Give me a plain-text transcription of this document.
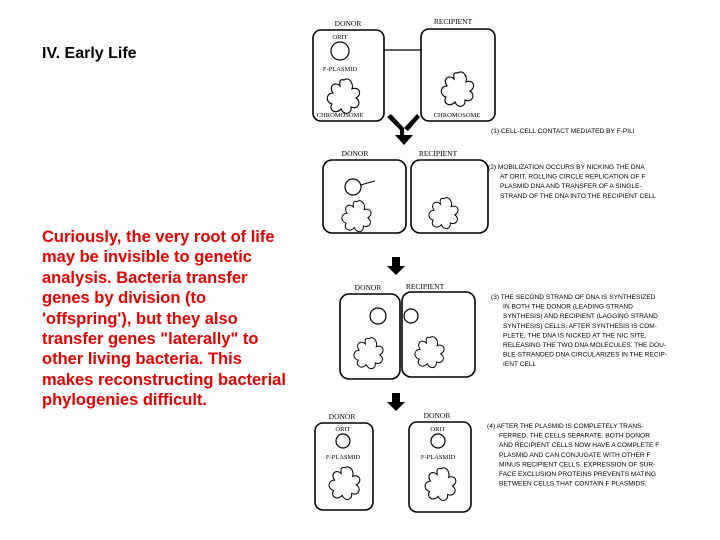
IV. Early Life
Curiously, the very root of life may be invisible to genetic analysis. Bacteria transfer genes by division (to 'offspring'), but they also transfer genes "laterally" to other living bacteria. This makes reconstructing bacterial phylogenies difficult.
DONOR	RECIPIENT
ORIT
F-PLASMID
CHROMOSOME	CHROMOSOME
DONOR	RECIPIENT
DONOR	RECIPIENT
DONOR	DONOR
ORIT
F-PLASMID
ORIT
F-PLASMID
(1) CELL-CELL CONTACT MEDIATED BY F-PILI
(2) MOBILIZATION OCCURS BY NICKING THE DNA
AT ORIT, ROLLING CIRCLE REPLICATION OF F
PLASMID DNA AND TRANSFER OF A SINGLE-
STRAND OF THE DNA INTO THE RECIPIENT CELL
(3) THE SECOND STRAND OF DNA IS SYNTHESIZED
IN BOTH THE DONOR (LEADING STRAND
SYNTHESIS) AND RECIPIENT (LAGGING STRAND
SYNTHESIS) CELLS. AFTER SYNTHESIS IS COM-
PLETE, THE DNA IS NICKED AT THE NIC SITE,
RELEASING THE TWO DNA MOLECULES. THE DOU-
BLE-STRANDED DNA CIRCULARIZES IN THE RECIP-
IENT CELL
(4) AFTER THE PLASMID IS COMPLETELY TRANS-
FERRED, THE CELLS SEPARATE. BOTH DONOR
AND RECIPIENT CELLS NOW HAVE A COMPLETE F
PLASMID AND CAN CONJUGATE WITH OTHER F
MINUS RECIPIENT CELLS. EXPRESSION OF SUR-
FACE EXCLUSION PROTEINS PREVENTS MATING
BETWEEN CELLS THAT CONTAIN F PLASMIDS.
